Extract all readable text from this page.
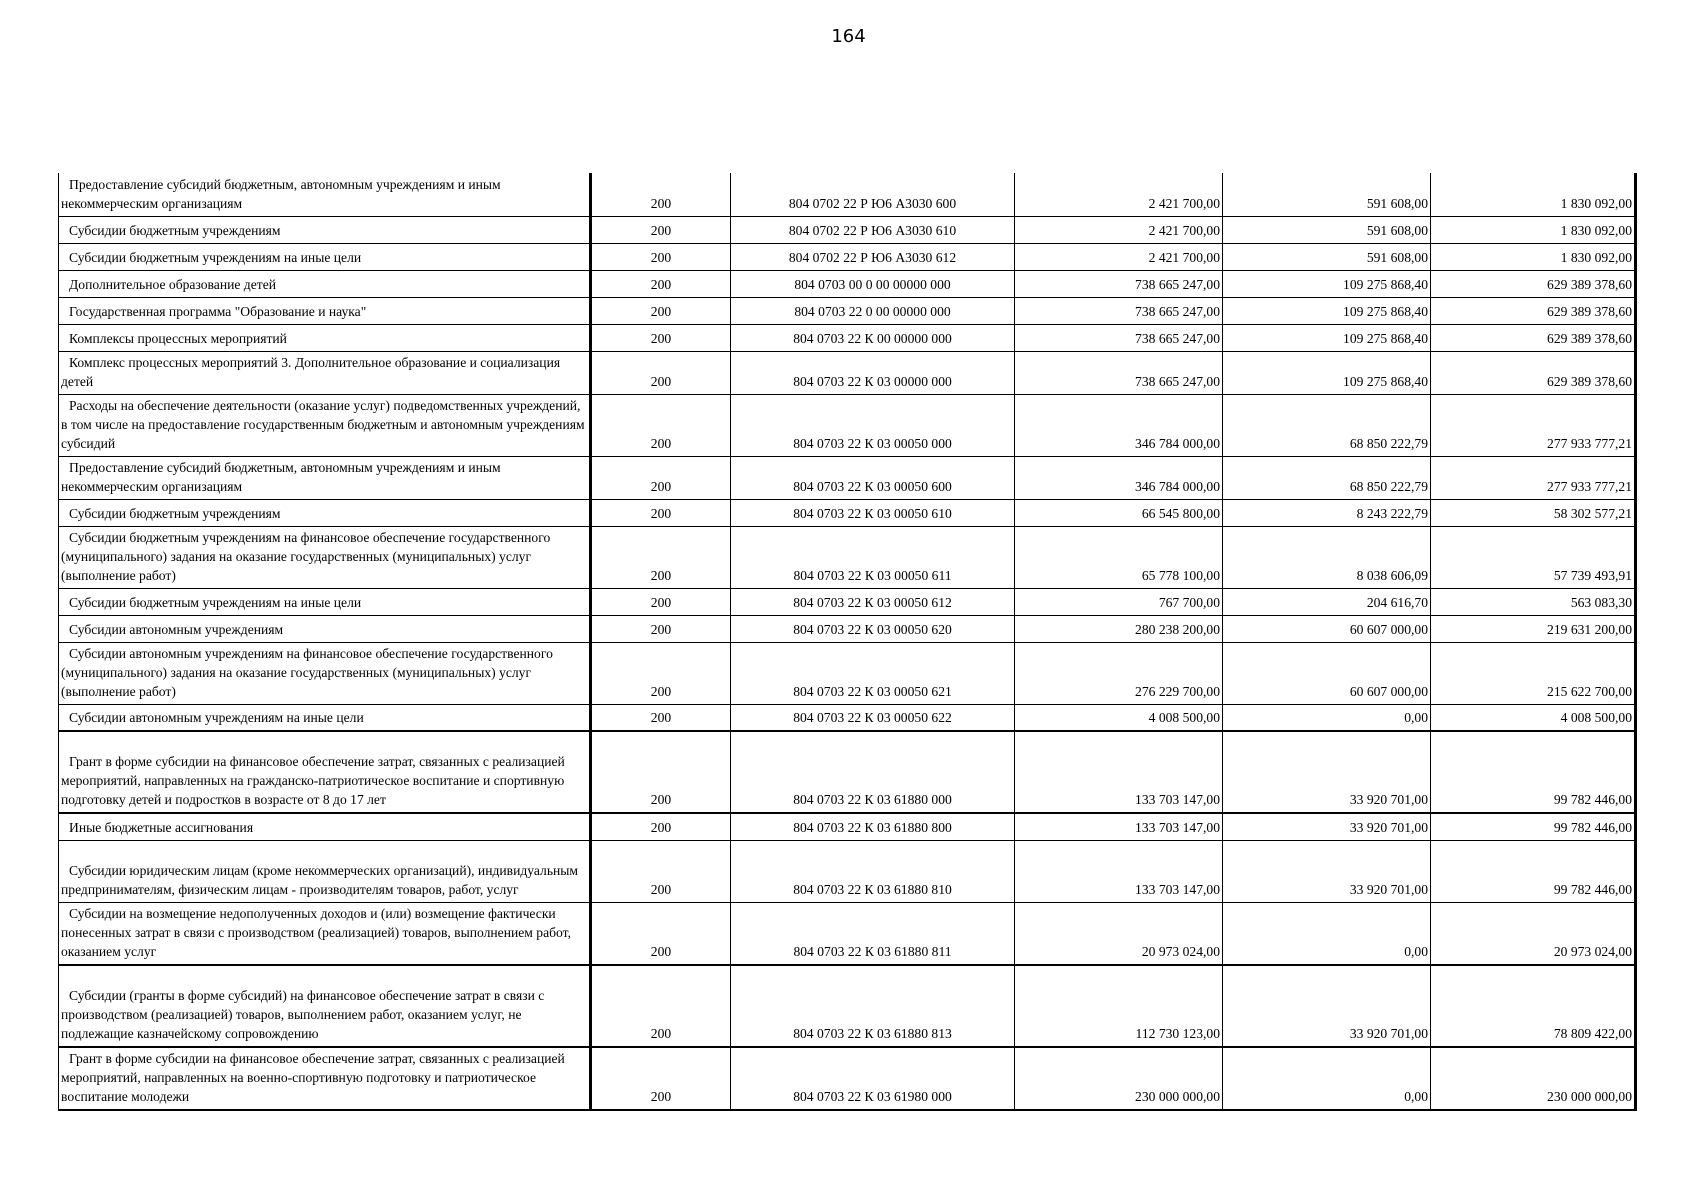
164
Предоставление субсидий бюджетным, автономным учреждениям и иным некоммерческим организациям	200	804 0702 22 Р Ю6 А3030 600	2 421 700,00	591 608,00	1 830 092,00

Субсидии бюджетным учреждениям	200	804 0702 22 Р Ю6 А3030 610	2 421 700,00	591 608,00	1 830 092,00

Субсидии бюджетным учреждениям на иные цели	200	804 0702 22 Р Ю6 А3030 612	2 421 700,00	591 608,00	1 830 092,00

Дополнительное образование детей	200	804 0703 00 0 00 00000 000	738 665 247,00	109 275 868,40	629 389 378,60

Государственная программа "Образование и наука"	200	804 0703 22 0 00 00000 000	738 665 247,00	109 275 868,40	629 389 378,60

Комплексы процессных мероприятий	200	804 0703 22 К 00 00000 000	738 665 247,00	109 275 868,40	629 389 378,60

Комплекс процессных мероприятий 3. Дополнительное образование и социализация детей	200	804 0703 22 К 03 00000 000	738 665 247,00	109 275 868,40	629 389 378,60

Расходы на обеспечение деятельности (оказание услуг) подведомственных учреждений, в том числе на предоставление государственным бюджетным и автономным учреждениям субсидий	200	804 0703 22 К 03 00050 000	346 784 000,00	68 850 222,79	277 933 777,21

Предоставление субсидий бюджетным, автономным учреждениям и иным некоммерческим организациям	200	804 0703 22 К 03 00050 600	346 784 000,00	68 850 222,79	277 933 777,21

Субсидии бюджетным учреждениям	200	804 0703 22 К 03 00050 610	66 545 800,00	8 243 222,79	58 302 577,21

Субсидии бюджетным учреждениям на финансовое обеспечение государственного (муниципального) задания на оказание государственных (муниципальных) услуг (выполнение работ)	200	804 0703 22 К 03 00050 611	65 778 100,00	8 038 606,09	57 739 493,91

Субсидии бюджетным учреждениям на иные цели	200	804 0703 22 К 03 00050 612	767 700,00	204 616,70	563 083,30

Субсидии автономным учреждениям	200	804 0703 22 К 03 00050 620	280 238 200,00	60 607 000,00	219 631 200,00

Субсидии автономным учреждениям на финансовое обеспечение государственного (муниципального) задания на оказание государственных (муниципальных) услуг (выполнение работ)	200	804 0703 22 К 03 00050 621	276 229 700,00	60 607 000,00	215 622 700,00

Субсидии автономным учреждениям на иные цели	200	804 0703 22 К 03 00050 622	4 008 500,00	0,00	4 008 500,00

Грант в форме субсидии на финансовое обеспечение затрат, связанных с реализацией мероприятий, направленных на гражданско-патриотическое воспитание и спортивную подготовку детей и подростков в возрасте от 8 до 17 лет	200	804 0703 22 К 03 61880 000	133 703 147,00	33 920 701,00	99 782 446,00

Иные бюджетные ассигнования	200	804 0703 22 К 03 61880 800	133 703 147,00	33 920 701,00	99 782 446,00

Субсидии юридическим лицам (кроме некоммерческих организаций), индивидуальным предпринимателям, физическим лицам - производителям товаров, работ, услуг	200	804 0703 22 К 03 61880 810	133 703 147,00	33 920 701,00	99 782 446,00

Субсидии на возмещение недополученных доходов и (или) возмещение фактически понесенных затрат в связи с производством (реализацией) товаров, выполнением работ, оказанием услуг	200	804 0703 22 К 03 61880 811	20 973 024,00	0,00	20 973 024,00

Субсидии (гранты в форме субсидий) на финансовое обеспечение затрат в связи с производством (реализацией) товаров, выполнением работ, оказанием услуг, не подлежащие казначейскому сопровождению	200	804 0703 22 К 03 61880 813	112 730 123,00	33 920 701,00	78 809 422,00

Грант в форме субсидии на финансовое обеспечение затрат, связанных с реализацией мероприятий, направленных на военно-спортивную подготовку и патриотическое воспитание молодежи	200	804 0703 22 К 03 61980 000	230 000 000,00	0,00	230 000 000,00
